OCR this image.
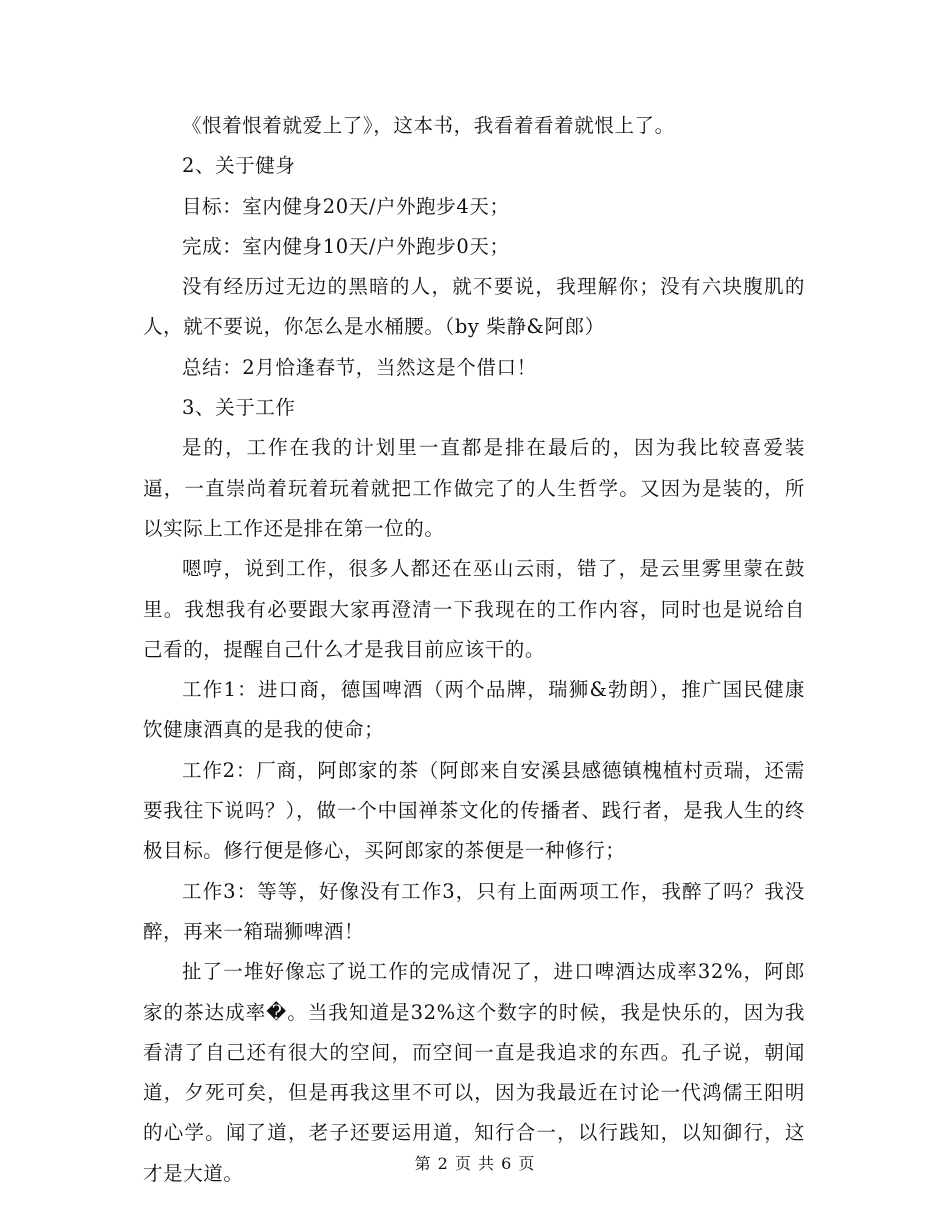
《恨着恨着就爱上了》，这本书，我看着看着就恨上了。

2、关于健身

目标：室内健身20天/户外跑步4天；

完成：室内健身10天/户外跑步0天；

没有经历过无边的黑暗的人，就不要说，我理解你；没有六块腹肌的人，就不要说，你怎么是水桶腰。（by 柴静&阿郎）

总结：2月恰逢春节，当然这是个借口！

3、关于工作

是的，工作在我的计划里一直都是排在最后的，因为我比较喜爱装逼，一直崇尚着玩着玩着就把工作做完了的人生哲学。又因为是装的，所以实际上工作还是排在第一位的。

嗯哼，说到工作，很多人都还在巫山云雨，错了，是云里雾里蒙在鼓里。我想我有必要跟大家再澄清一下我现在的工作内容，同时也是说给自己看的，提醒自己什么才是我目前应该干的。

工作1：进口商，德国啤酒（两个品牌，瑞狮&勃朗），推广国民健康饮健康酒真的是我的使命；

工作2：厂商，阿郎家的茶（阿郎来自安溪县感德镇槐植村贡瑞，还需要我往下说吗？），做一个中国禅茶文化的传播者、践行者，是我人生的终极目标。修行便是修心，买阿郎家的茶便是一种修行；

工作3：等等，好像没有工作3，只有上面两项工作，我醉了吗？我没醉，再来一箱瑞狮啤酒！

扯了一堆好像忘了说工作的完成情况了，进口啤酒达成率32%，阿郎家的茶达成率�。当我知道是32%这个数字的时候，我是快乐的，因为我看清了自己还有很大的空间，而空间一直是我追求的东西。孔子说，朝闻道，夕死可矣，但是再我这里不可以，因为我最近在讨论一代鸿儒王阳明的心学。闻了道，老子还要运用道，知行合一，以行践知，以知御行，这才是大道。	第 2 页 共 6 页
